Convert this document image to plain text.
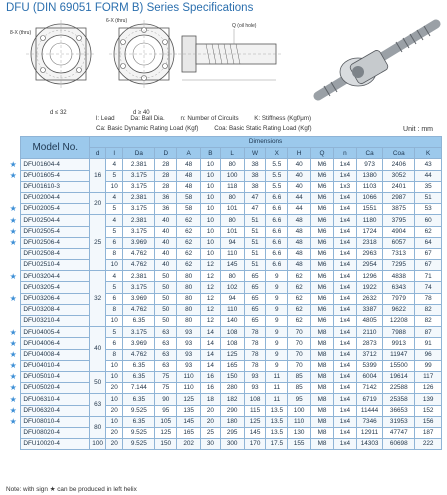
DFU (DIN 69051 FORM B) Series Specifications
8-X (thru)
d ≤ 32
6-X (thru)
d ≥ 40
Q (oil hole)
l: Lead	Da: Ball Dia.	n: Number of Circuits	K: Stiffness (Kgf/μm)
Ca: Basic Dynamic Rating Load (Kgf)	Coa: Basic Static Rating Load (Kgf)	Unit : mm
	Model No.	Dimensions														
		d	l	Da	D	A	B	L	W	X	H	Q	n	Ca	Coa	K
★	DFU01604-4	16	4	2.381	28	48	10	80	38	5.5	40	M6	1x4	973	2406	43
★	DFU01605-4		5	3.175	28	48	10	100	38	5.5	40	M6	1x4	1380	3052	44
	DFU01610-3		10	3.175	28	48	10	118	38	5.5	40	M6	1x3	1103	2401	35
	DFU02004-4	20	4	2.381	36	58	10	80	47	6.6	44	M6	1x4	1066	2987	51
★	DFU02005-4		5	3.175	36	58	10	101	47	6.6	44	M6	1x4	1551	3875	53
★	DFU02504-4	25	4	2.381	40	62	10	80	51	6.6	48	M6	1x4	1180	3795	60
★	DFU02505-4		5	3.175	40	62	10	101	51	6.6	48	M6	1x4	1724	4904	62
★	DFU02506-4		6	3.969	40	62	10	94	51	6.6	48	M6	1x4	2318	6057	64
	DFU02508-4		8	4.762	40	62	10	110	51	6.6	48	M6	1x4	2963	7313	67
	DFU02510-4		10	4.762	40	62	12	145	51	6.6	48	M6	1x4	2954	7295	67
★	DFU03204-4	32	4	2.381	50	80	12	80	65	9	62	M6	1x4	1296	4838	71
	DFU03205-4		5	3.175	50	80	12	102	65	9	62	M6	1x4	1922	6343	74
★	DFU03206-4		6	3.969	50	80	12	94	65	9	62	M6	1x4	2632	7979	78
	DFU03208-4		8	4.762	50	80	12	110	65	9	62	M6	1x4	3387	9622	82
	DFU03210-4		10	6.35	50	80	12	140	65	9	62	M6	1x4	4805	12208	82
★	DFU04005-4	40	5	3.175	63	93	14	108	78	9	70	M8	1x4	2110	7988	87
★	DFU04006-4		6	3.969	63	93	14	108	78	9	70	M8	1x4	2873	9913	91
★	DFU04008-4		8	4.762	63	93	14	125	78	9	70	M8	1x4	3712	11947	96
★	DFU04010-4		10	6.35	63	93	14	165	78	9	70	M8	1x4	5399	15500	99
★	DFU05010-4	50	10	6.35	75	110	16	150	93	11	85	M8	1x4	6004	19614	117
★	DFU05020-4		20	7.144	75	110	16	280	93	11	85	M8	1x4	7142	22588	126
★	DFU06310-4	63	10	6.35	90	125	18	182	108	11	95	M8	1x4	6719	25358	139
★	DFU06320-4		20	9.525	95	135	20	290	115	13.5	100	M8	1x4	11444	36653	152
★	DFU08010-4	80	10	6.35	105	145	20	180	125	13.5	110	M8	1x4	7346	31953	156
	DFU08020-4		20	9.525	125	165	25	295	145	13.5	130	M8	1x4	12911	47747	187
	DFU10020-4	100	20	9.525	150	202	30	300	170	17.5	155	M8	1x4	14303	60698	222
Note: with sign ★ can be produced in left helix
